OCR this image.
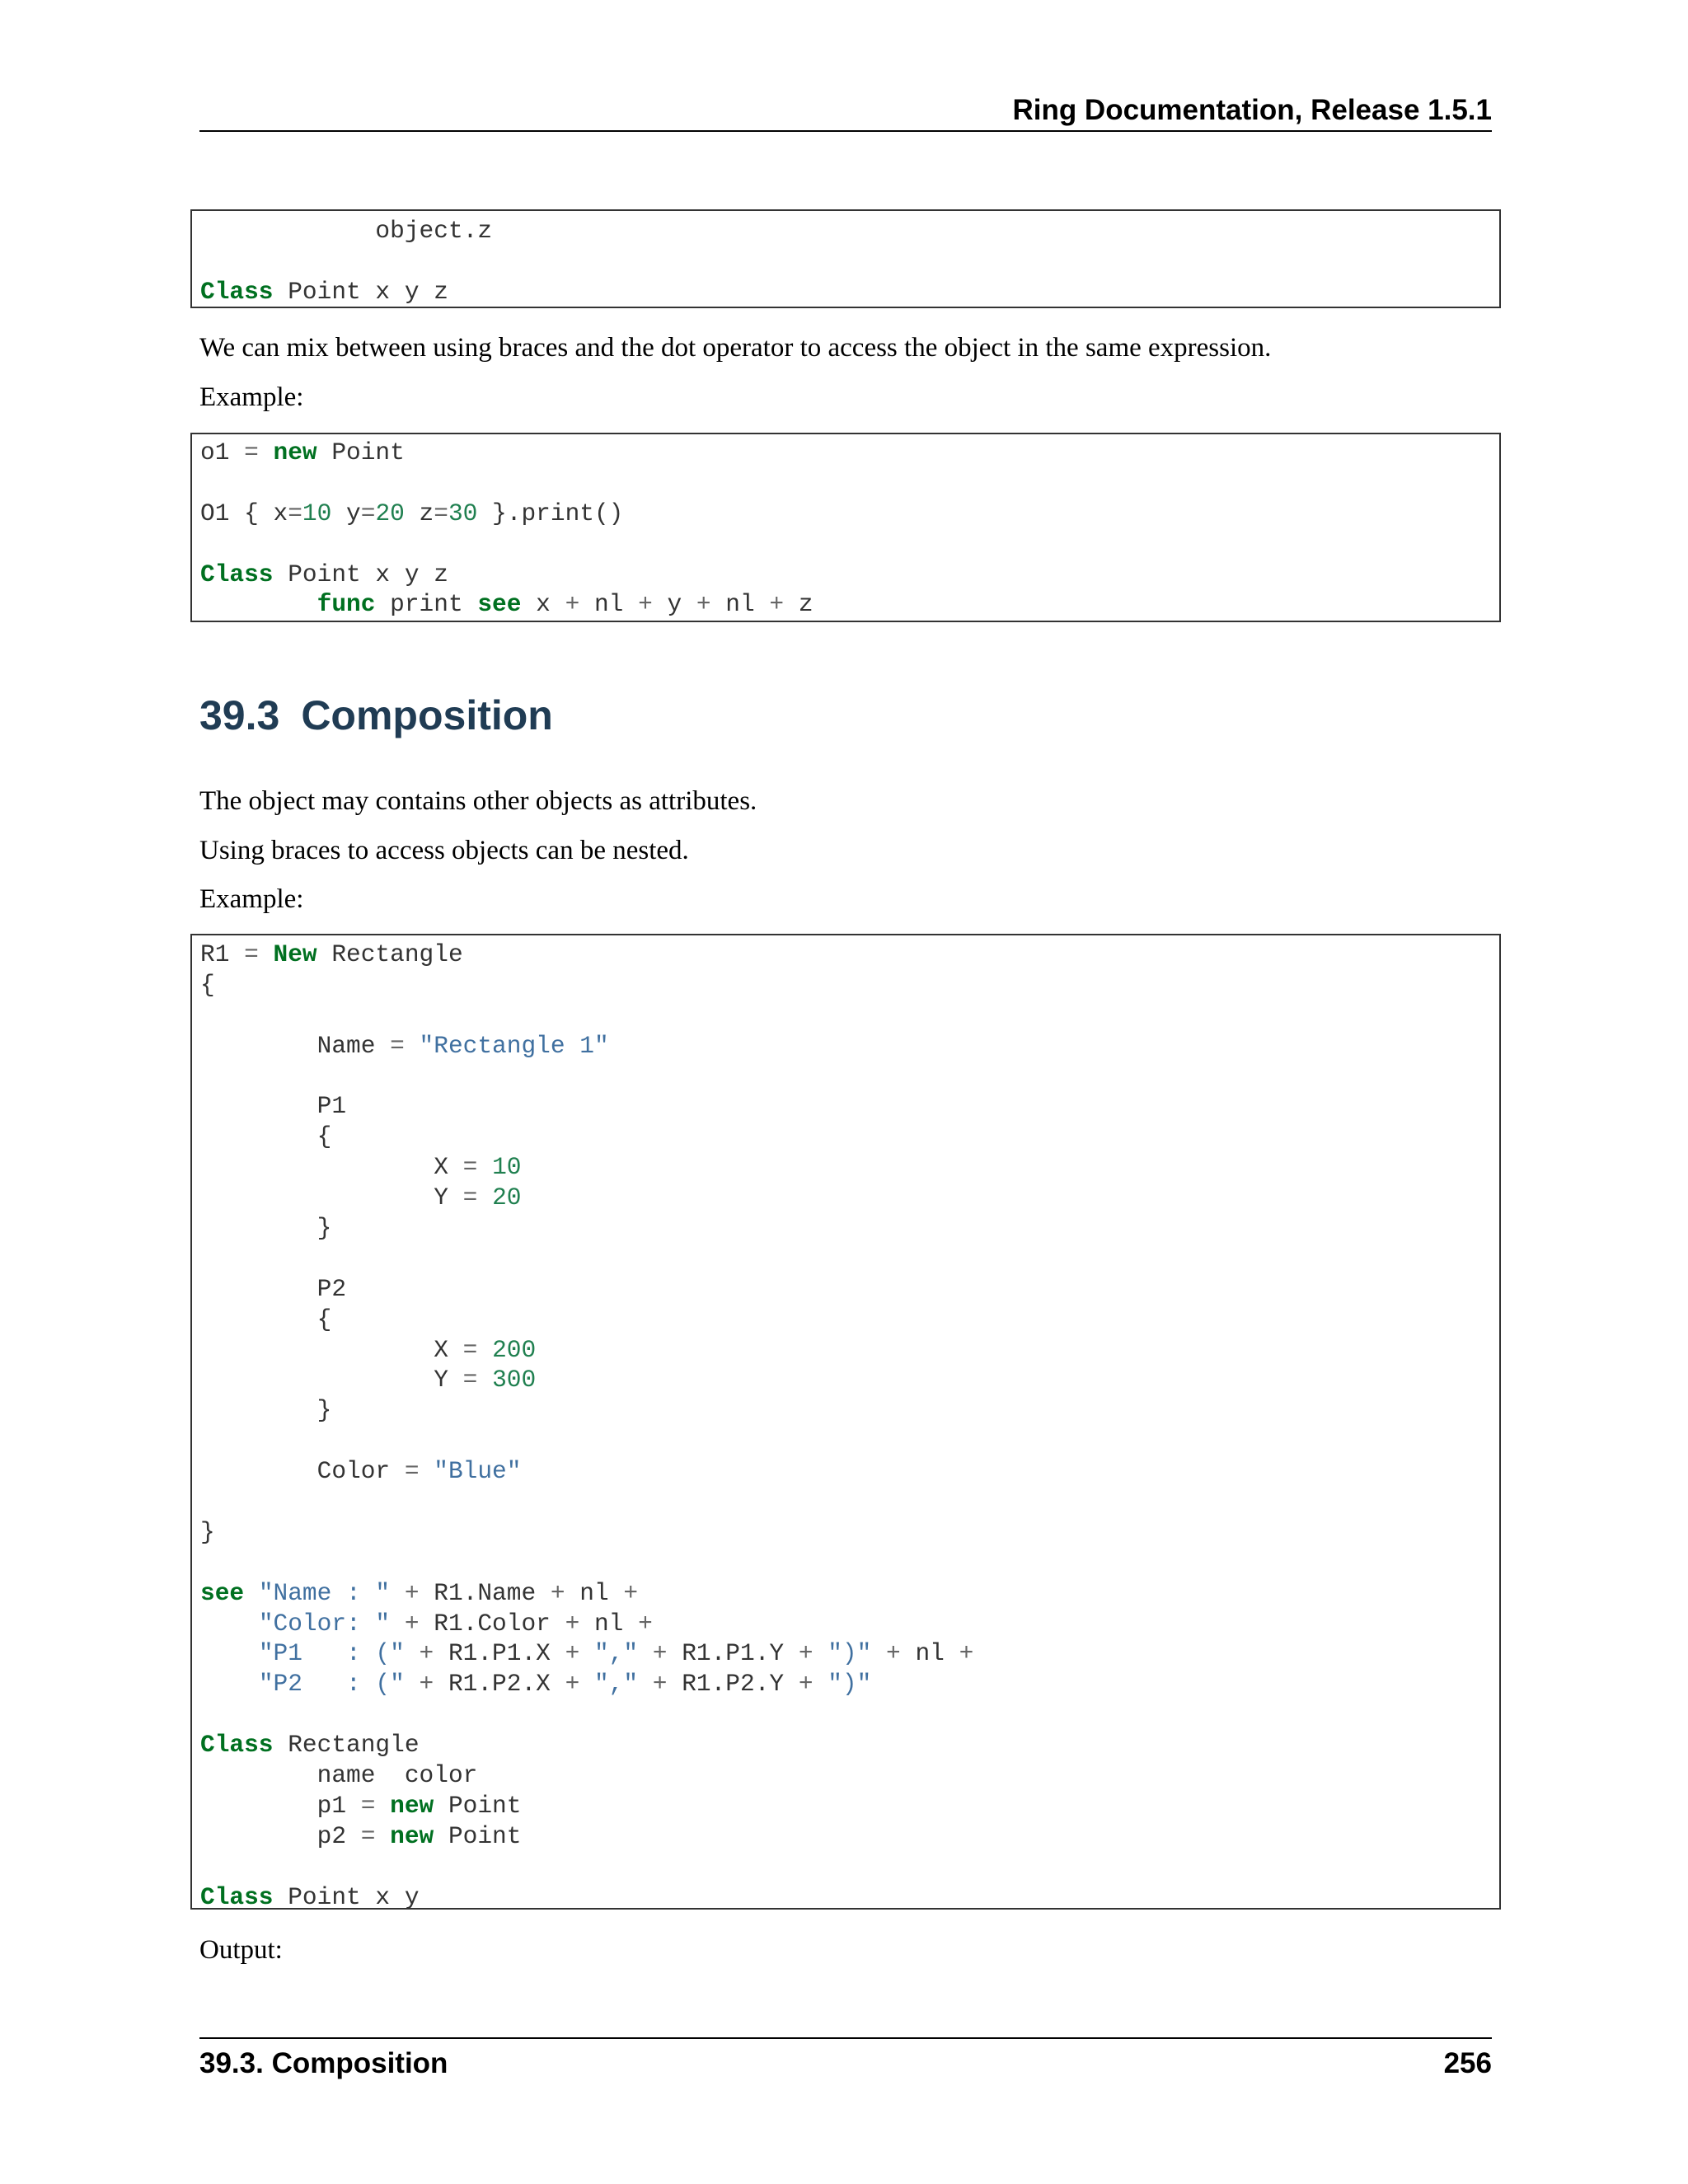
Ring Documentation, Release 1.5.1
object.z
Class Point x y z
We can mix between using braces and the dot operator to access the object in the same expression.
Example:
o1 = new Point
O1 { x=10 y=20 z=30 }.print()
Class Point x y z
func print see x + nl + y + nl + z
39.3 Composition
The object may contains other objects as attributes.
Using braces to access objects can be nested.
Example:
R1 = New Rectangle
{
Name = "Rectangle 1"
P1
{
X = 10
Y = 20
}
P2
{
X = 200
Y = 300
}
Color = "Blue"
}
see "Name : " + R1.Name + nl +
"Color: " + R1.Color + nl +
"P1   : (" + R1.P1.X + "," + R1.P1.Y + ")" + nl +
"P2   : (" + R1.P2.X + "," + R1.P2.Y + ")"
Class Rectangle
name  color
p1 = new Point
p2 = new Point
Class Point x y
Output:
39.3. Composition	256
